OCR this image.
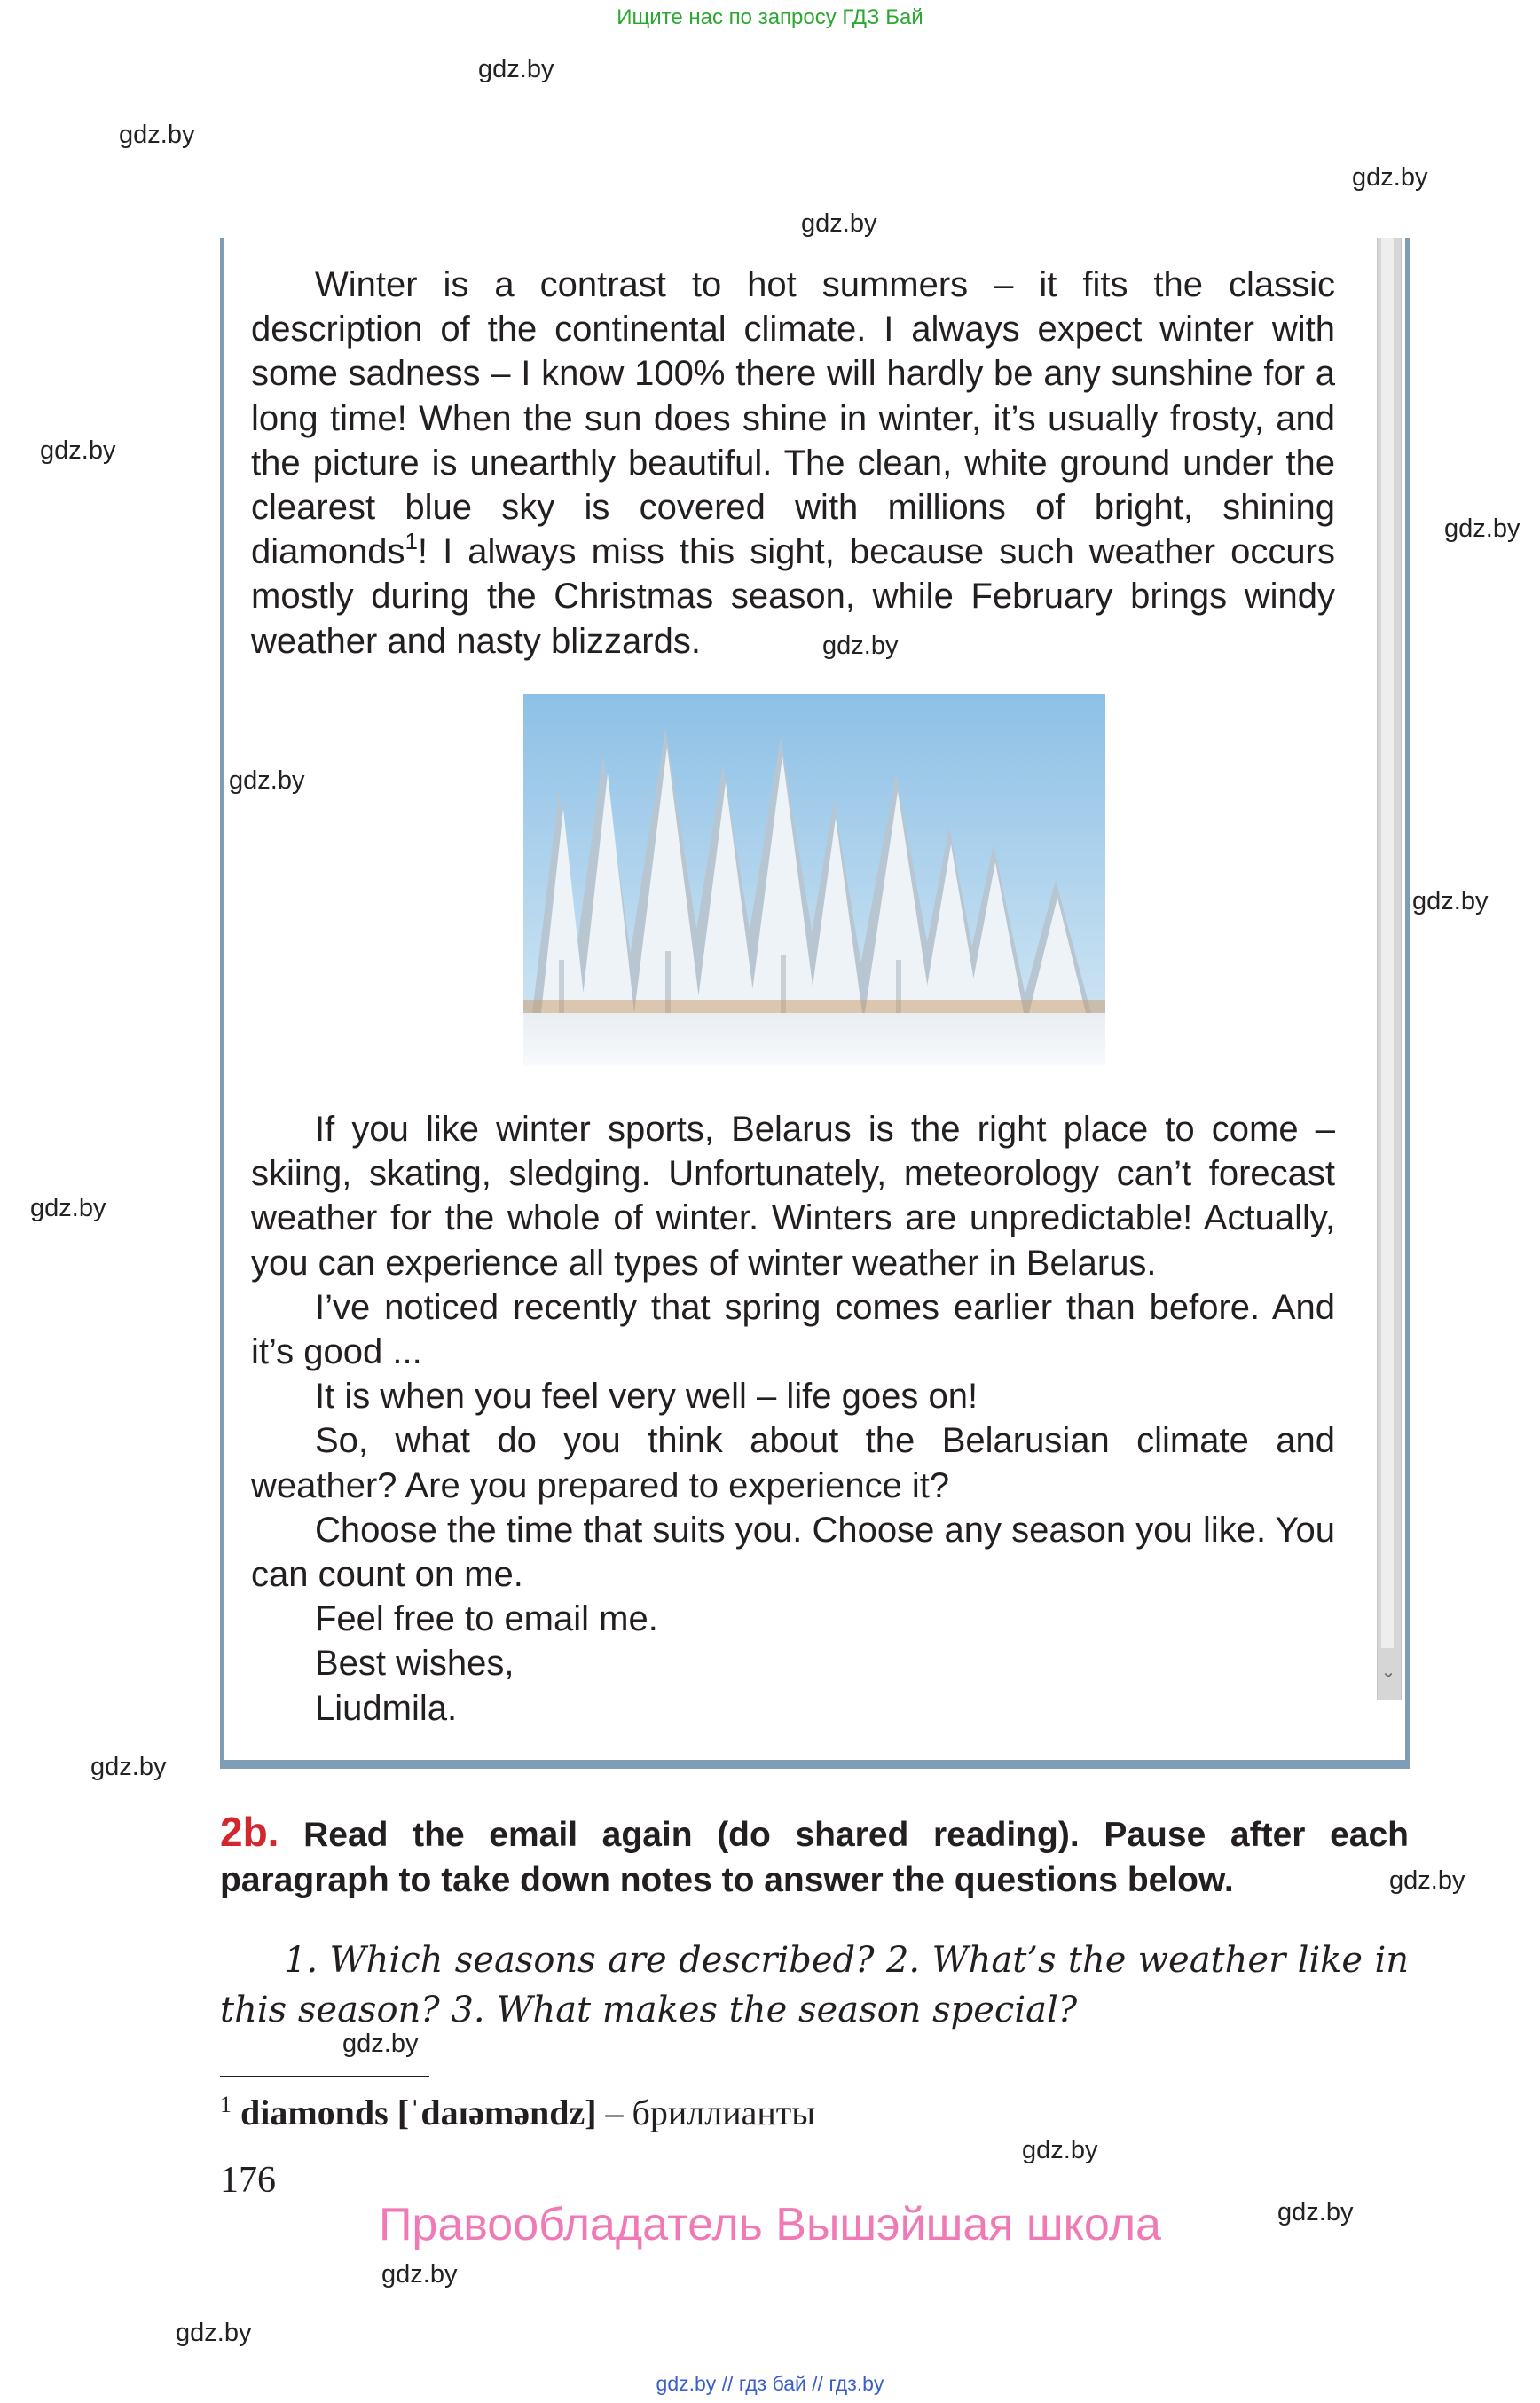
Ищите нас по запросу ГДЗ Бай
gdz.by
gdz.by
gdz.by
gdz.by
gdz.by
gdz.by
gdz.by
gdz.by
gdz.by
gdz.by
gdz.by
gdz.by
gdz.by
gdz.by
gdz.by
gdz.by
gdz.by
⌄

Winter is a contrast to hot summers – it fits the classic description of the continental climate. I always expect winter with some sadness – I know 100% there will hardly be any sunshine for a long time! When the sun does shine in winter, it’s usually frosty, and the picture is unearthly beautiful. The clean, white ground under the clearest blue sky is covered with millions of bright, shining diamonds$^1$! I always miss this sight, because such weather occurs mostly during the Christmas season, while February brings windy weather and nasty blizzards.

If you like winter sports, Belarus is the right place to come – skiing, skating, sledging. Unfortunately, meteorology can’t forecast weather for the whole of winter. Winters are unpredictable! Actually, you can experience all types of winter weather in Belarus.

I’ve noticed recently that spring comes earlier than before. And it’s good ...

It is when you feel very well – life goes on!

So, what do you think about the Belarusian climate and weather? Are you prepared to experience it?

Choose the time that suits you. Choose any season you like. You can count on me.

Feel free to email me.

Best wishes,

Liudmila.

2b. Read the email again (do shared reading). Pause after each paragraph to take down notes to answer the questions below.
1. Which seasons are described? 2. What’s the weather like in this season? 3. What makes the season special?
$^1$ diamonds [ˈdaɪəməndz] – бриллианты
176
Правообладатель Вышэйшая школа
gdz.by // гдз бай // гдз.by
